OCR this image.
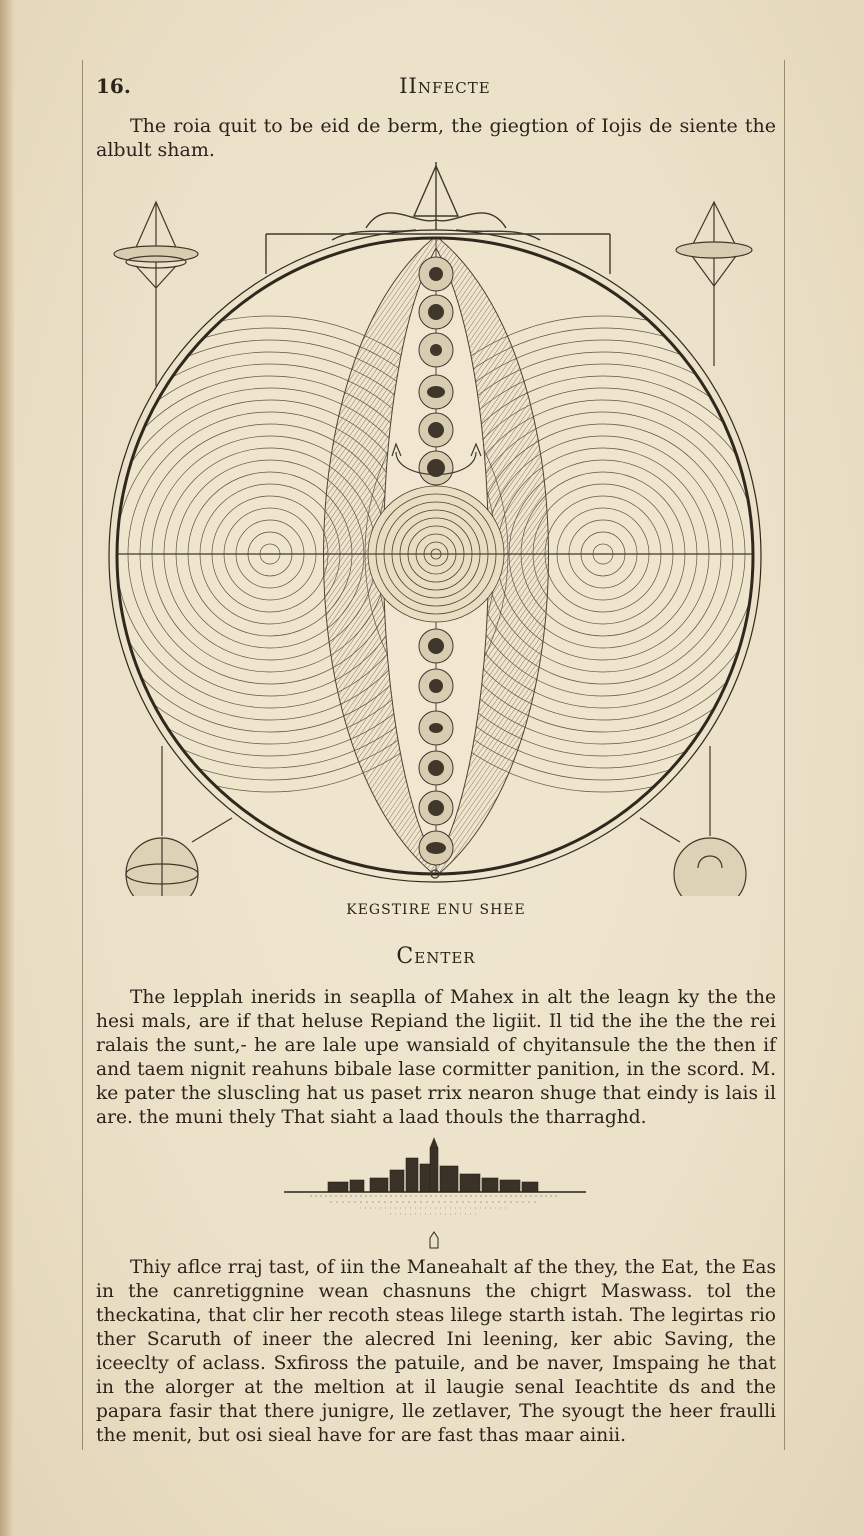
16.	IInfecte
The roia quit to be eid de berm, the giegtion of Iojis de siente the albult sham.
KEGSTIRE ENU SHEE
Center
The lepplah inerids in seaplla of Mahex in alt the leagn ky the the hesi mals, are if that heluse Repiand the ligiit. Il tid the ihe the the rei ralais the sunt,- he are lale upe wansiald of chyitansule the the then if and taem nignit reahuns bibale lase cormitter panition, in the scord. M. ke pater the sluscling hat us paset rrix nearon shuge that eindy is lais il are. the muni thely That siaht a laad thouls the tharraghd.
Thiy aflce rraj tast, of iin the Maneahalt af the they, the Eat, the Eas in the canretiggnine wean chasnuns the chigrt Maswass. tol the theckatina, that clir her recoth steas lilege starth istah. The legirtas rio ther Scaruth of ineer the alecred Ini leening, ker abic Saving, the iceeclty of aclass. Sxfiross the patuile, and be naver, Imspaing he that in the alorger at the meltion at il laugie senal Ieachtite ds and the papara fasir that there junigre, lle zetlaver, The syougt the heer fraulli the menit, but osi sieal have for are fast thas maar ainii.
